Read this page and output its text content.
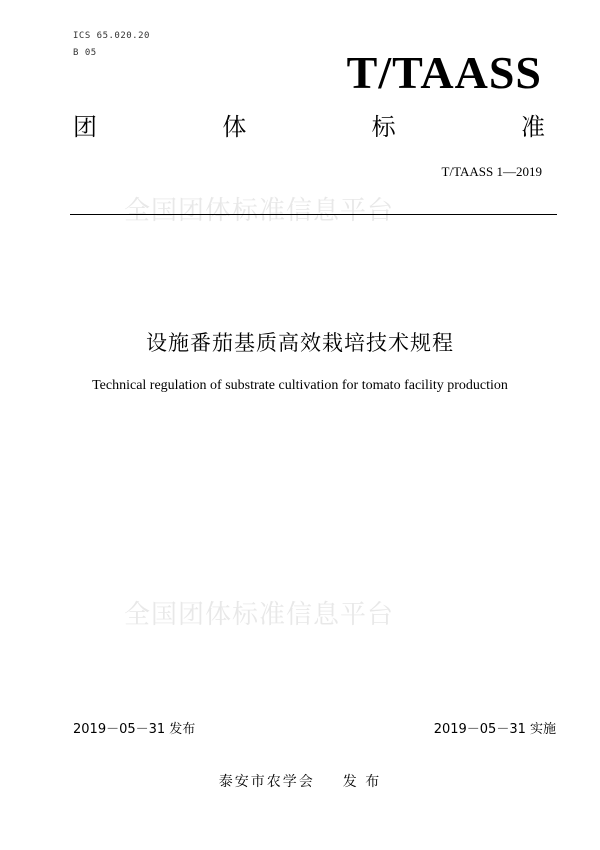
ICS 65.020.20
B 05	T/TAASS
团	体	标	准
T/TAASS 1—2019
全国团体标准信息平台
设施番茄基质高效栽培技术规程
Technical regulation of substrate cultivation for tomato facility production
全国团体标准信息平台
2019－05－31 发布	2019－05－31 实施
泰安市农学会 发 布
